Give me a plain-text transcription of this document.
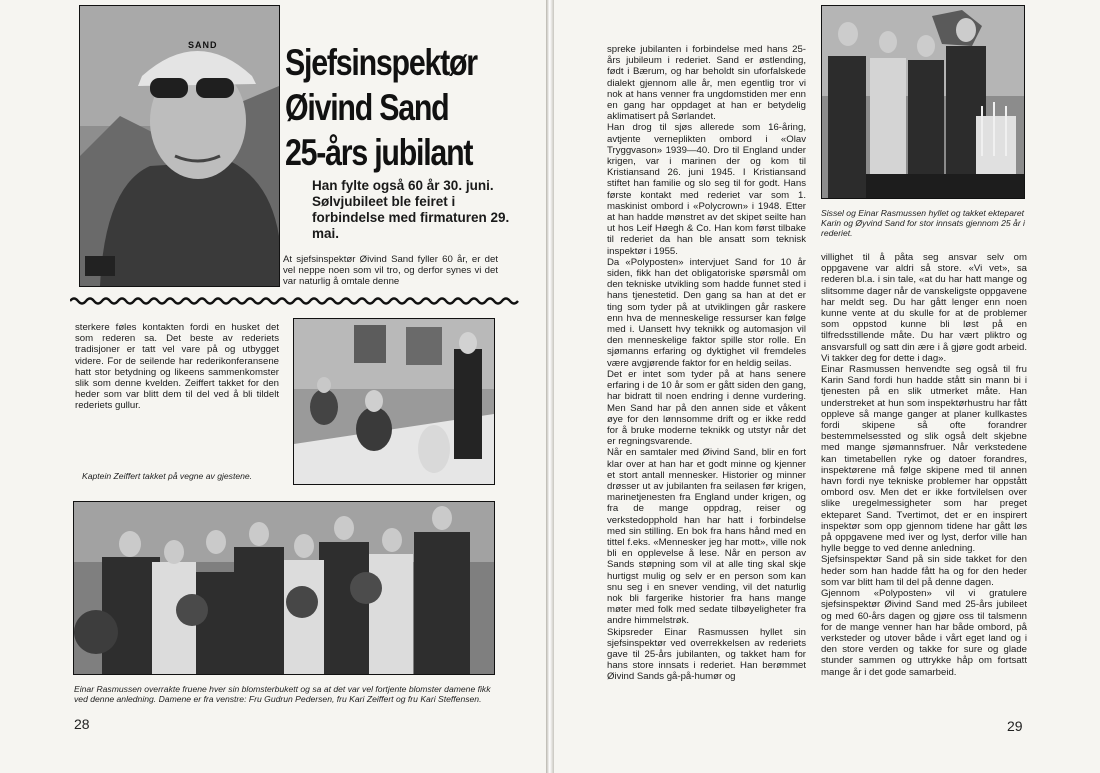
SAND Sjefsinspektør
Øivind Sand
25-års jubilant
Han fylte også 60 år 30. juni. Sølvjubileet ble feiret i forbindelse med firmaturen 29. mai.
At sjefsinspektør Øivind Sand fyller 60 år, er det vel neppe noen som vil tro, og derfor synes vi det var naturlig å omtale denne
sterkere føles kontakten fordi en husket det som rederen sa. Det beste av rederiets tradisjoner er tatt vel vare på og utbygget videre. For de seilende har rederikonferansene hatt stor betydning og likeens sammenkomster slik som denne kvelden. Zeiffert takket for den heder som var blitt dem til del ved å bli tildelt rederiets gullur.
Kaptein Zeiffert takket på vegne av gjestene.
Einar Rasmussen overrakte fruene hver sin blomsterbukett og sa at det var vel fortjente blomster damene fikk ved denne anledning. Damene er fra venstre: Fru Gudrun Pedersen, fru Kari Zeiffert og fru Kari Steffensen.
28
spreke jubilanten i forbindelse med hans 25-års jubileum i rederiet. Sand er østlending, født i Bærum, og har beholdt sin uforfalskede dialekt gjennom alle år, men egentlig tror vi nok at hans venner fra ungdomstiden mer enn en gang har oppdaget at han er betydelig aklimatisert på Sørlandet.
Han drog til sjøs allerede som 16-åring, avtjente verneplikten ombord i «Olav Tryggvason» 1939—40. Dro til England under krigen, var i marinen der og kom til Kristiansand 26. juni 1945. I Kristiansand stiftet han familie og slo seg til for godt. Hans første kontakt med rederiet var som 1. maskinist ombord i «Polycrown» i 1948. Etter at han hadde mønstret av det skipet seilte han ut hos Leif Høegh & Co. Han kom først tilbake til rederiet da han ble ansatt som teknisk inspektør i 1955.
Da «Polyposten» intervjuet Sand for 10 år siden, fikk han det obligatoriske spørsmål om den tekniske utvikling som hadde funnet sted i hans tjenestetid. Den gang sa han at det er ting som tyder på at utviklingen går raskere enn hva de menneskelige ressurser kan følge med i. Uansett hvy teknikk og automasjon vil den menneskelige faktor spille stor rolle. En sjømanns erfaring og dyktighet vil fremdeles være avgjørende faktor for en heldig seilas.
Det er intet som tyder på at hans senere erfaring i de 10 år som er gått siden den gang, har bidratt til noen endring i denne vurdering. Men Sand har på den annen side et våkent øye for den lønnsomme drift og er ikke redd for å bruke moderne teknikk og utstyr når det er regningsvarende.
Når en samtaler med Øivind Sand, blir en fort klar over at han har et godt minne og kjenner et stort antall mennesker. Historier og minner drøsser ut av jubilanten fra seilasen før krigen, marinetjenesten fra England under krigen, og fra de mange oppdrag, reiser og verkstedopphold han har hatt i forbindelse med sin stilling. En bok fra hans hånd med en tittel f.eks. «Mennesker jeg har mott», ville nok bli en opplevelse å lese. Når en person av Sands støpning som vil at alle ting skal skje hurtigst mulig og selv er en person som kan snu seg i en snever vending, vil det naturlig nok bli fargerike historier fra hans mange møter med folk med sedate tilbøyeligheter fra andre himmelstrøk.
Skipsreder Einar Rasmussen hyllet sin sjefsinspektør ved overrekkelsen av rederiets gave til 25-års jubilanten, og takket ham for hans store innsats i rederiet. Han berømmet Øivind Sands gå-på-humør og
Sissel og Einar Rasmussen hyllet og takket ekteparet Karin og Øyvind Sand for stor innsats gjennom 25 år i rederiet.
villighet til å påta seg ansvar selv om oppgavene var aldri så store. «Vi vet», sa rederen bl.a. i sin tale, «at du har hatt mange og slitsomme dager når de vanskeligste oppgavene har meldt seg. Du har gått lenger enn noen kunne vente at du skulle for at de problemer som oppstod kunne bli løst på en tilfredsstillende måte. Du har vært pliktro og ansvarsfull og satt din ære i å gjøre godt arbeid. Vi takker deg for dette i dag».
Einar Rasmussen henvendte seg også til fru Karin Sand fordi hun hadde stått sin mann bi i tjenesten på en slik utmerket måte. Han understreket at hun som inspektørhustru har fått oppleve så mange ganger at planer kullkastes fordi skipene så ofte forandrer bestemmelsessted og slik også delt skjebne med mange sjømannsfruer. Når verkstedene kan timetabellen ryke og datoer forandres, inspektørene må følge skipene med til annen havn fordi nye tekniske problemer har oppstått ombord osv. Men det er ikke fortvilelsen over slike uregelmessigheter som har preget ekteparet Sand. Tvertimot, det er en inspirert inspektør som opp gjennom tidene har gått løs på oppgavene med iver og lyst, derfor ville han hylle begge to ved denne anledning.
Sjefsinspektør Sand på sin side takket for den heder som han hadde fått ha og for den heder som var blitt ham til del på denne dagen.
Gjennom «Polyposten» vil vi gratulere sjefsinspektør Øivind Sand med 25-års jubileet og med 60-års dagen og gjøre oss til talsmenn for de mange venner han har både ombord, på verksteder og utover både i vårt eget land og i den store verden og takke for sure og glade stunder sammen og uttrykke håp om fortsatt mange år i det gode samarbeid.
29
